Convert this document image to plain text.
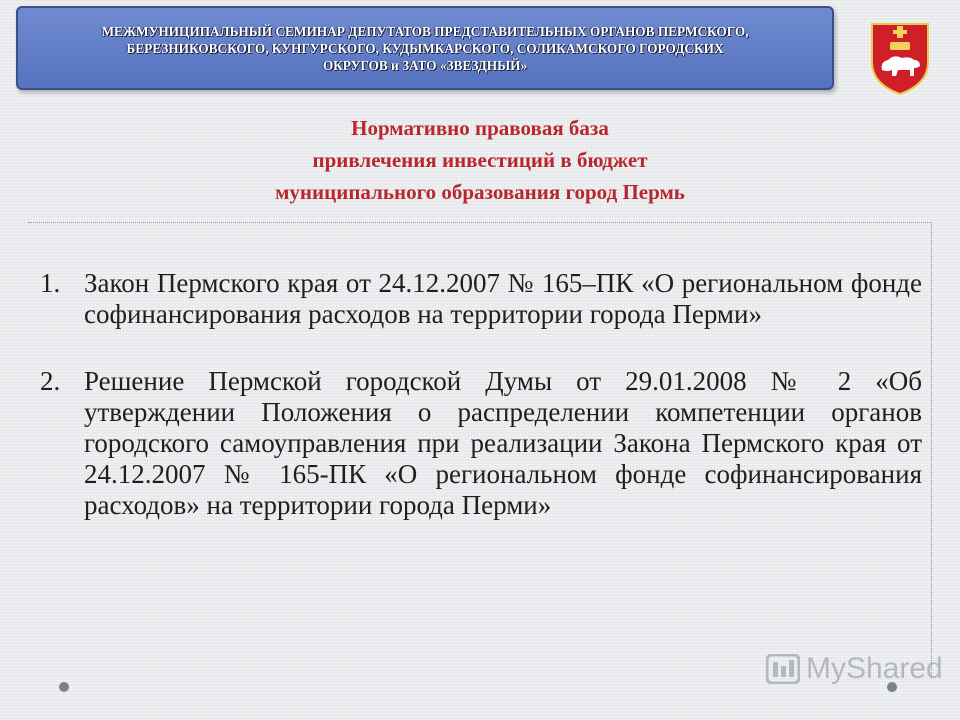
МЕЖМУНИЦИПАЛЬНЫЙ СЕМИНАР ДЕПУТАТОВ ПРЕДСТАВИТЕЛЬНЫХ ОРГАНОВ ПЕРМСКОГО,
БЕРЕЗНИКОВСКОГО, КУНГУРСКОГО, КУДЫМКАРСКОГО, СОЛИКАМСКОГО ГОРОДСКИХ
ОКРУГОВ и ЗАТО «ЗВЕЗДНЫЙ»
Нормативно правовая база
привлечения инвестиций в бюджет
муниципального образования город Пермь
1. Закон Пермского края от 24.12.2007 № 165–ПК «О региональном фонде софинансирования расходов на территории города Перми»
2. Решение Пермской городской Думы от 29.01.2008 № 2 «Об утверждении Положения о распределении компетенции органов городского самоуправления при реализации Закона Пермского края от 24.12.2007 № 165-ПК «О региональном фонде софинансирования расходов» на территории города Перми»
MyShared
